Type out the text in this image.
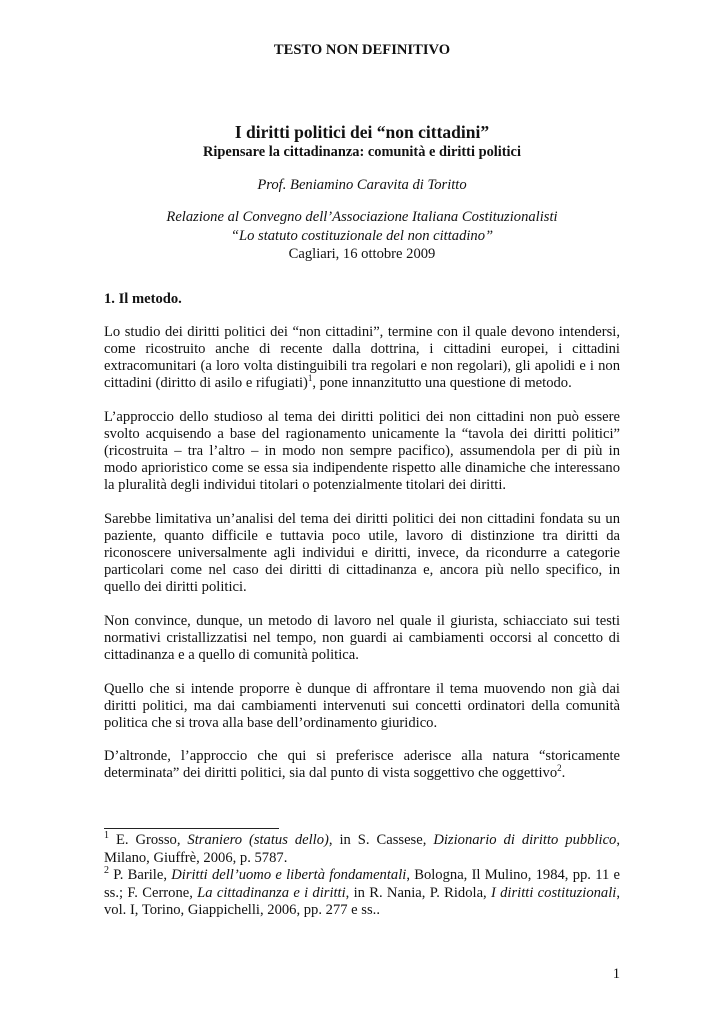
TESTO NON DEFINITIVO
I diritti politici dei “non cittadini”
Ripensare la cittadinanza: comunità e diritti politici
Prof. Beniamino Caravita di Toritto
Relazione al Convegno dell’Associazione Italiana Costituzionalisti
“Lo statuto costituzionale del non cittadino”
Cagliari, 16 ottobre 2009
1. Il metodo.

Lo studio dei diritti politici dei “non cittadini”, termine con il quale devono intendersi, come ricostruito anche di recente dalla dottrina, i cittadini europei, i cittadini extracomunitari (a loro volta distinguibili tra regolari e non regolari), gli apolidi e i non cittadini (diritto di asilo e rifugiati)$^1$, pone innanzitutto una questione di metodo.

L’approccio dello studioso al tema dei diritti politici dei non cittadini non può essere svolto acquisendo a base del ragionamento unicamente la “tavola dei diritti politici” (ricostruita – tra l’altro – in modo non sempre pacifico), assumendola per di più in modo aprioristico come se essa sia indipendente rispetto alle dinamiche che interessano la pluralità degli individui titolari o potenzialmente titolari dei diritti.

Sarebbe limitativa un’analisi del tema dei diritti politici dei non cittadini fondata su un paziente, quanto difficile e tuttavia poco utile, lavoro di distinzione tra diritti da riconoscere universalmente agli individui e diritti, invece, da ricondurre a categorie particolari come nel caso dei diritti di cittadinanza e, ancora più nello specifico, in quello dei diritti politici.

Non convince, dunque, un metodo di lavoro nel quale il giurista, schiacciato sui testi normativi cristallizzatisi nel tempo, non guardi ai cambiamenti occorsi al concetto di cittadinanza e a quello di comunità politica.

Quello che si intende proporre è dunque di affrontare il tema muovendo non già dai diritti politici, ma dai cambiamenti intervenuti sui concetti ordinatori della comunità politica che si trova alla base dell’ordinamento giuridico.

D’altronde, l’approccio che qui si preferisce aderisce alla natura “storicamente determinata” dei diritti politici, sia dal punto di vista soggettivo che oggettivo$^2$.

$^1$ E. Grosso, Straniero (status dello), in S. Cassese, Dizionario di diritto pubblico, Milano, Giuffrè, 2006, p. 5787.

$^2$ P. Barile, Diritti dell’uomo e libertà fondamentali, Bologna, Il Mulino, 1984, pp. 11 e ss.; F. Cerrone, La cittadinanza e i diritti, in R. Nania, P. Ridola, I diritti costituzionali, vol. I, Torino, Giappichelli, 2006, pp. 277 e ss..

1
